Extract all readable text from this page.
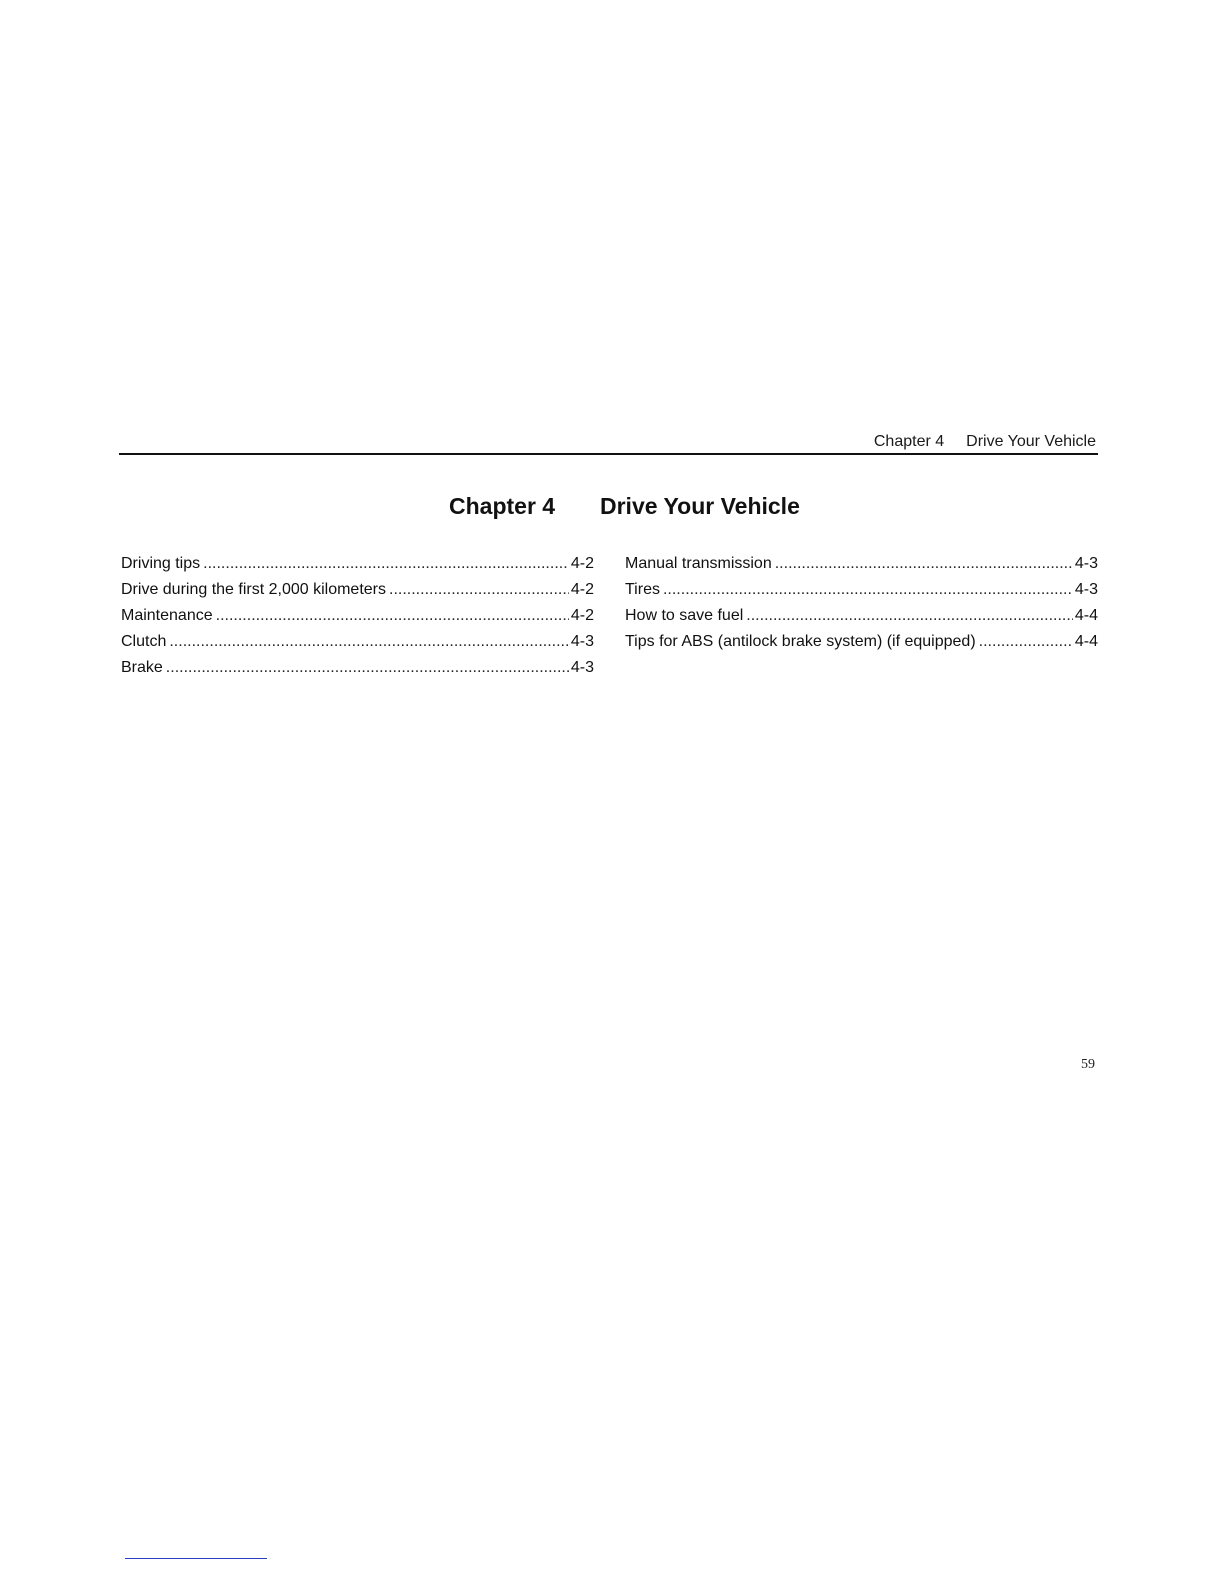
Chapter 4 Drive Your Vehicle
Chapter 4 Drive Your Vehicle
Driving tips .....	4-2
Drive during the first 2,000 kilometers .....	4-2
Maintenance .....	4-2
Clutch .....	4-3
Brake .....	4-3
Manual transmission .....	4-3
Tires .....	4-3
How to save fuel .....	4-4
Tips for ABS (antilock brake system) (if equipped) .....	4-4
59
